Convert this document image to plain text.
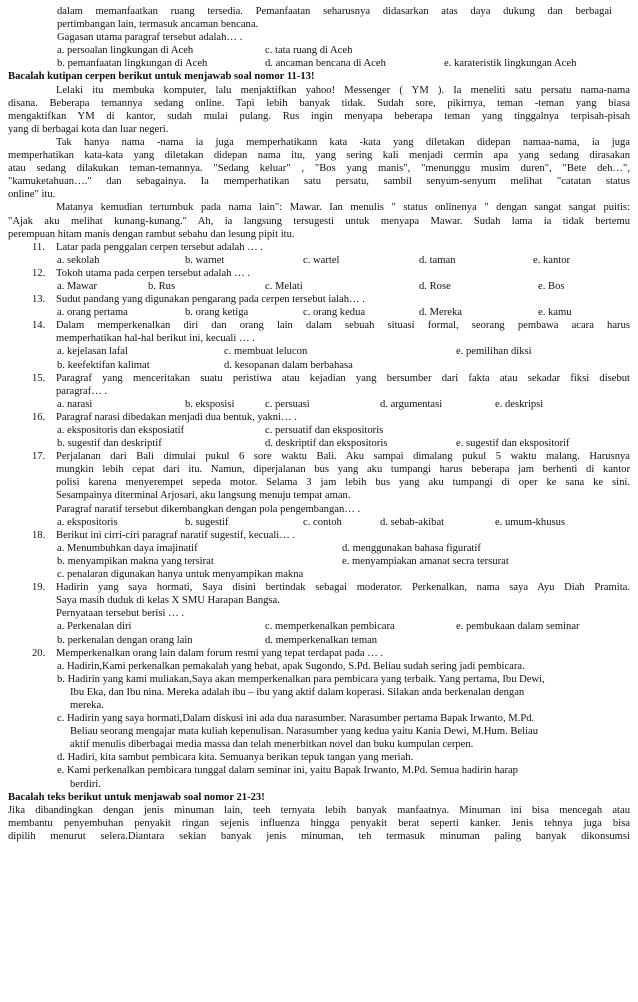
dalam memanfaatkan ruang tersedia. Pemanfaatan seharusnya didasarkan atas daya dukung dan berbagai
pertimbangan lain, termasuk ancaman bencana.
Gagasan utama paragraf tersebut adalah… .
a. persoalan lingkungan di Aceh	c. tata ruang di Aceh
b. pemanfaatan lingkungan di Aceh	d. ancaman bencana di Aceh	e. karateristik lingkungan Aceh
Bacalah kutipan cerpen berikut untuk menjawab soal nomor 11-13!
Lelaki itu membuka komputer, lalu menjaktifkan yahoo! Messenger ( YM ). Ia meneliti satu persatu nama-nama
disana. Beberapa temannya sedang online. Tapi lebih banyak tidak. Sudah sore, pikirnya, teman -teman yang biasa
mengaktifkan YM di kantor, sudah mulai pulang. Rus ingin menyapa beberapa teman yang tinggalnya terpisah-pisah
yang di berbagai kota dan luar negeri.
Tak hanya nama -nama ia juga memperhatikann kata -kata yang diletakan didepan namaa-nama, ia juga
memperhatikan kata-kata yang diletakan didepan nama itu, yang sering kali menjadi cermin apa yang sedang dirasakan
atau sedang dilakukan teman-temannya. "Sedang keluar" , "Bos yang manis", "menunggu musim duren", "Bete deh…",
"kamuketahuan…." dan sebagainya. Ia memperhatikan satu persatu, sambil senyum-senyum melihat "catatan status
online" itu.
Matanya kemudian tertumbuk pada nama lain": Mawar. Ian menulis " status onlinenya " dengan sangat sangat puitis:
"Ajak aku melihat kunang-kunang." Ah, ia langsung tersugesti untuk menyapa Mawar. Sudah lama ia tidak bertemu
perempuan hitam manis dengan rambut sebahu dan lesung pipit itu.
11. Latar pada penggalan cerpen tersebut adalah … .
a. sekolah	b. warnet	c. wartel	d. taman	e. kantor
12. Tokoh utama pada cerpen tersebut adalah … .
a. Mawar	b. Rus	c. Melati	d. Rose	e. Bos
13. Sudut pandang yang digunakan pengarang pada cerpen tersebut ialah… .
a. orang pertama	b. orang ketiga	c. orang kedua	d. Mereka	e. kamu
14.	Dalam memperkenalkan diri dan orang lain dalam sebuah situasi formal, seorang pembawa acara harus
memperhatikan hal-hal berikut ini, kecuali … .
a. kejelasan lafal	c. membuat lelucon	e. pemilihan diksi
b. keefektifan kalimat	d. kesopanan dalam berbahasa
15.	Paragraf yang menceritakan suatu peristiwa atau kejadian yang bersumber dari fakta atau sekadar fiksi disebut
paragraf… .
a. narasi	b. eksposisi	c. persuasi	d. argumentasi	e. deskripsi
16. Paragraf narasi dibedakan menjadi dua bentuk, yakni… .
a. ekspositoris dan eksposiatif	c. persuatif dan ekspositoris
b. sugestif dan deskriptif	d. deskriptif dan ekspositoris	e. sugestif dan ekspositorif
17.	Perjalanan dari Bali dimulai pukul 6 sore waktu Bali. Aku sampai dimalang pukul 5 waktu malang. Harusnya
mungkin lebih cepat dari itu. Namun, diperjalanan bus yang aku tumpangi harus beberapa jam berhenti di kantor
polisi karena menyerempet sepeda motor. Selama 3 jam lebih bus yang aku tumpangi di oper ke sana ke sini.
Sesampainya diterminal Arjosari, aku langsung menuju tempat aman.
Paragraf naratif tersebut dikembangkan dengan pola pengembangan… .
a. ekspositoris	b. sugestif	c. contoh	d. sebab-akibat	e. umum-khusus
18. Berikut ini cirri-ciri paragraf naratif sugestif, kecuali… .
a. Menumbuhkan daya imajinatif	d. menggunakan bahasa figuratif
b. menyampikan makna yang tersirat	e. menyampiakan amanat secra tersurat
c. penalaran digunakan hanya untuk menyampikan makna
19.	Hadirin yang saya hormati, Saya disini bertindak sebagai moderator. Perkenalkan, nama saya Ayu Diah Pramita.
Saya masih duduk di kelas X SMU Harapan Bangsa.
Pernyataan tersebut berisi … .
a. Perkenalan diri	c. memperkenalkan pembicara	e. pembukaan dalam seminar
b. perkenalan dengan orang lain	d. memperkenalkan teman
20. Memperkenalkan orang lain dalam forum resmi yang tepat terdapat pada … .
a. Hadirin,Kami perkenalkan pemakalah yang hebat, apak Sugondo, S.Pd. Beliau sudah sering jadi pembicara.
b. Hadirin yang kami muliakan,Saya akan memperkenalkan para pembicara yang terbaik. Yang pertama, Ibu Dewi,
Ibu Eka, dan Ibu nina. Mereka adalah ibu – ibu yang aktif dalam koperasi. Silakan anda berkenalan dengan
mereka.
c. Hadirin yang saya hormati,Dalam diskusi ini ada dua narasumber. Narasumber pertama Bapak Irwanto, M.Pd.
Beliau seorang mengajar mata kuliah kepenulisan. Narasumber yang kedua yaitu Kania Dewi, M.Hum. Beliau
aktif menulis diberbagai media massa dan telah menerbitkan novel dan buku kumpulan cerpen.
d. Hadiri, kita sambut pembicara kita. Semuanya berikan tepuk tangan yang meriah.
e. Kami perkenalkan pembicara tunggal dalam seminar ini, yaitu Bapak Irwanto, M.Pd. Semua hadirin harap
berdiri.
Bacalah teks berikut untuk menjawab soal nomor 21-23!
Jika dibandingkan dengan jenis minuman lain, teeh ternyata lebih banyak manfaatnya. Minuman ini bisa mencegah atau
membantu penyembuhan penyakit ringan sejenis influenza hingga penyakit berat seperti kanker. Jenis tehnya juga bisa
dipilih menurut selera.Diantara sekian banyak jenis minuman, teh termasuk minuman paling banyak dikonsumsi
